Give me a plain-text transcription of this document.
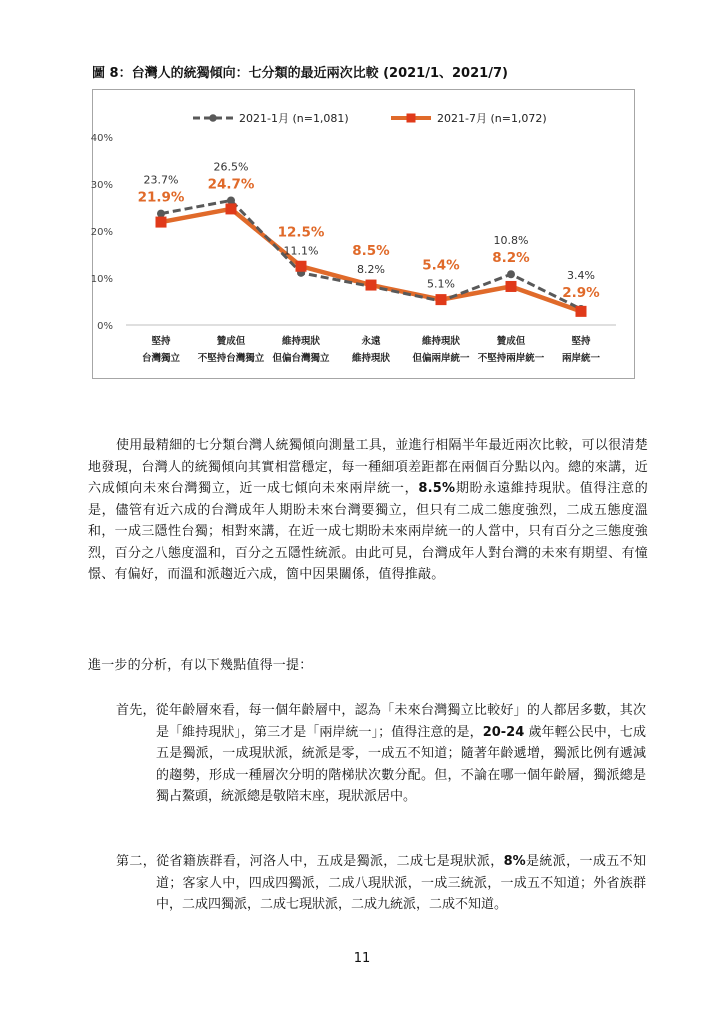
圖 8：台灣人的統獨傾向：七分類的最近兩次比較 (2021/1、2021/7)
0%
10%
20%
30%
40%
堅持
台灣獨立
贊成但
不堅持台灣獨立
維持現狀
但偏台灣獨立
永遠
維持現狀
維持現狀
但偏兩岸統一
贊成但
不堅持兩岸統一
堅持
兩岸統一
2021-1月 (n=1,081)	2021-7月 (n=1,072)
23.7%
21.9%
26.5%
24.7%
11.1%
12.5%
8.2%
8.5%
5.1%
5.4%
10.8%
8.2%
3.4%
2.9%
使用最精細的七分類台灣人統獨傾向測量工具，並進行相隔半年最近兩次比較，可以很清楚地發現，台灣人的統獨傾向其實相當穩定，每一種細項差距都在兩個百分點以內。總的來講，近六成傾向未來台灣獨立，近一成七傾向未來兩岸統一，8.5%期盼永遠維持現狀。值得注意的是，儘管有近六成的台灣成年人期盼未來台灣要獨立，但只有二成二態度強烈，二成五態度溫和，一成三隱性台獨；相對來講，在近一成七期盼未來兩岸統一的人當中，只有百分之三態度強烈，百分之八態度溫和，百分之五隱性統派。由此可見，台灣成年人對台灣的未來有期望、有憧憬、有偏好，而溫和派趨近六成，箇中因果關係，值得推敲。
進一步的分析，有以下幾點值得一提：
首先，從年齡層來看，每一個年齡層中，認為「未來台灣獨立比較好」的人都居多數，其次是「維持現狀」，第三才是「兩岸統一」；值得注意的是，20-24 歲年輕公民中，七成五是獨派，一成現狀派，統派是零，一成五不知道；隨著年齡遞增，獨派比例有遞減的趨勢，形成一種層次分明的階梯狀次數分配。但，不論在哪一個年齡層，獨派總是獨占鰲頭，統派總是敬陪末座，現狀派居中。
第二，從省籍族群看，河洛人中，五成是獨派，二成七是現狀派，8%是統派，一成五不知道；客家人中，四成四獨派，二成八現狀派，一成三統派，一成五不知道；外省族群中，二成四獨派，二成七現狀派，二成九統派，二成不知道。
11
